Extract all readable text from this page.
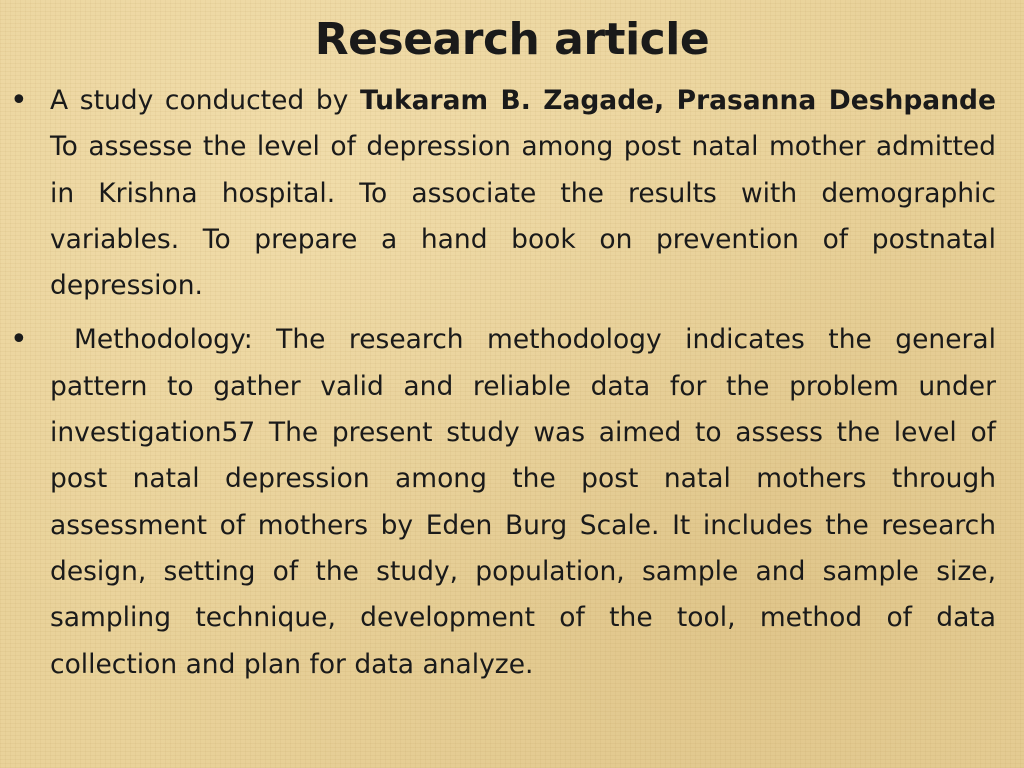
Research article
• A study conducted by Tukaram B. Zagade, Prasanna Deshpande To assesse the level of depression among post natal mother admitted in Krishna hospital. To associate the results with demographic variables. To prepare a hand book on prevention of postnatal depression.
• Methodology: The research methodology indicates the general pattern to gather valid and reliable data for the problem under investigation57 The present study was aimed to assess the level of post natal depression among the post natal mothers through assessment of mothers by Eden Burg Scale. It includes the research design, setting of the study, population, sample and sample size, sampling technique, development of the tool, method of data collection and plan for data analyze.
